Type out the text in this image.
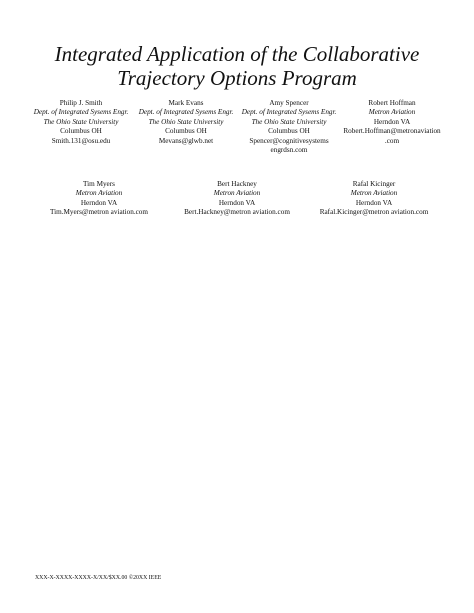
Integrated Application of the Collaborative
Trajectory Options Program
Philip J. Smith
Dept. of Integrated Sysems Engr.
The Ohio State University
Columbus OH
Smith.131@osu.edu
Mark Evans
Dept. of Integrated Sysems Engr.
The Ohio State University
Columbus OH
Mevans@glwb.net
Amy Spencer
Dept. of Integrated Sysems Engr.
The Ohio State University
Columbus OH
Spencer@cognitivesystems
engrdsn.com
Robert Hoffman
Metron Aviation
Herndon VA
Robert.Hoffman@metronaviation
.com
Tim Myers
Metron Aviation
Herndon VA
Tim.Myers@metron aviation.com
Bert Hackney
Metron Aviation
Herndon VA
Bert.Hackney@metron aviation.com
Rafal Kicinger
Metron Aviation
Herndon VA
Rafal.Kicinger@metron aviation.com
XXX-X-XXXX-XXXX-X/XX/$XX.00 ©20XX IEEE
